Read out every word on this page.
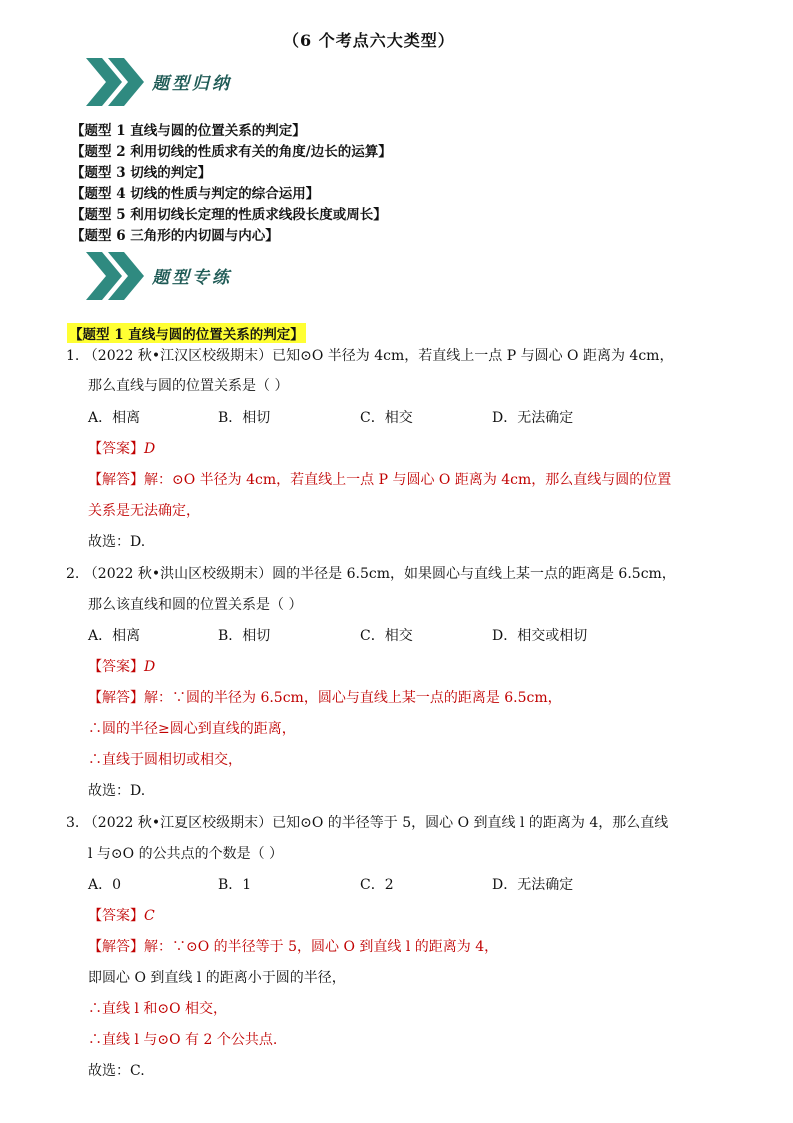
（6 个考点六大类型）
题型归纳
【题型 1 直线与圆的位置关系的判定】
【题型 2 利用切线的性质求有关的角度/边长的运算】
【题型 3 切线的判定】
【题型 4 切线的性质与判定的综合运用】
【题型 5 利用切线长定理的性质求线段长度或周长】
【题型 6 三角形的内切圆与内心】
题型专练
【题型 1 直线与圆的位置关系的判定】
1. （2022 秋•江汉区校级期末）已知⊙O 半径为 4cm，若直线上一点 P 与圆心 O 距离为 4cm，
那么直线与圆的位置关系是（ ）
A．相离	B．相切	C．相交	D．无法确定
【答案】D
【解答】解：⊙O 半径为 4cm，若直线上一点 P 与圆心 O 距离为 4cm，那么直线与圆的位置
关系是无法确定，
故选：D.
2. （2022 秋•洪山区校级期末）圆的半径是 6.5cm，如果圆心与直线上某一点的距离是 6.5cm，
那么该直线和圆的位置关系是（ ）
A．相离	B．相切	C．相交	D．相交或相切
【答案】D
【解答】解：∵圆的半径为 6.5cm，圆心与直线上某一点的距离是 6.5cm，
∴圆的半径≥圆心到直线的距离，
∴直线于圆相切或相交，
故选：D.
3. （2022 秋•江夏区校级期末）已知⊙O 的半径等于 5，圆心 O 到直线 l 的距离为 4，那么直线
l 与⊙O 的公共点的个数是（ ）
A．0	B．1	C．2	D．无法确定
【答案】C
【解答】解：∵⊙O 的半径等于 5，圆心 O 到直线 l 的距离为 4，
即圆心 O 到直线 l 的距离小于圆的半径，
∴直线 l 和⊙O 相交，
∴直线 l 与⊙O 有 2 个公共点.
故选：C.
